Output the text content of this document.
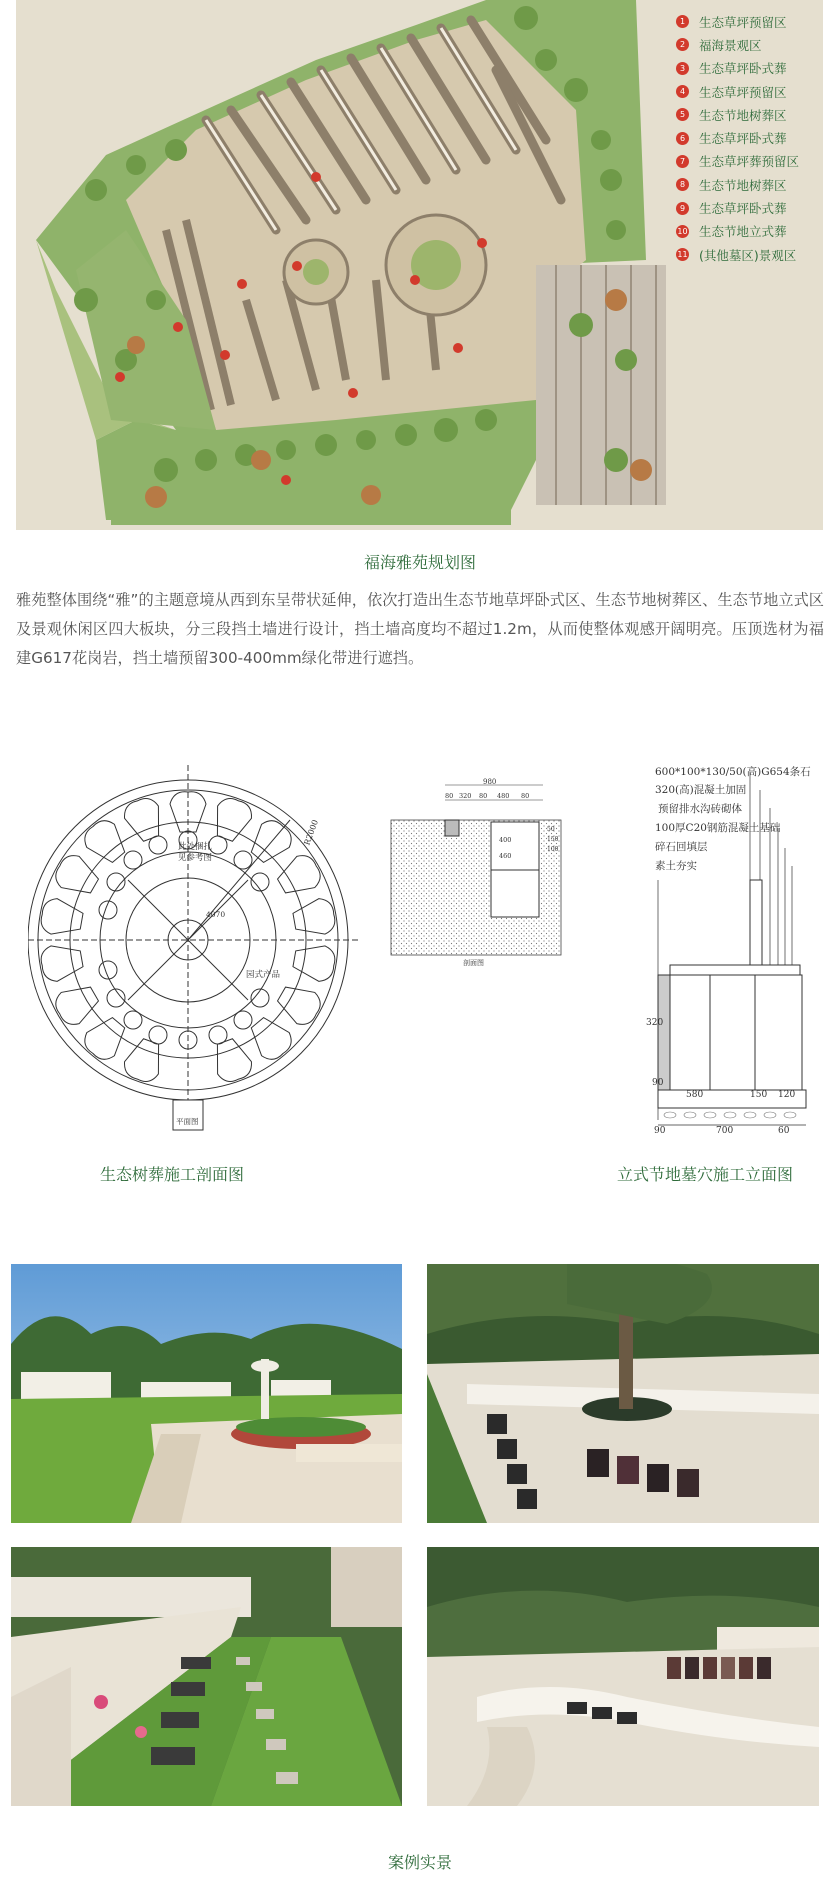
1	生态草坪预留区
2	福海景观区
3	生态草坪卧式葬
4	生态草坪预留区
5	生态节地树葬区
6	生态草坪卧式葬
7	生态草坪葬预留区
8	生态节地树葬区
9	生态草坪卧式葬
10 生态节地立式葬
11 (其他墓区)景观区
福海雅苑规划图
雅苑整体围绕“雅”的主题意境从西到东呈带状延伸，依次打造出生态节地草坪卧式区、生态节地树葬区、生态节地立式区及景观休闲区四大板块，分三段挡土墙进行设计，挡土墙高度均不超过1.2m，从而使整体观感开阔明亮。压顶选材为福建G617花岗岩，挡土墙预留300-400mm绿化带进行遮挡。
此处捆扎
见参考图
园式产品
R2000
4070
平面图
980
80 320 80 480 80
400
460
50
150
100
剖面图
600*100*130/50(高)G654条石
320(高)混凝土加固
预留排水沟砖砌体
100厚C20钢筋混凝土基础
碎石回填层
素土夯实
320
90
580	150 120
90	700	60
生态树葬施工剖面图	立式节地墓穴施工立面图
案例实景
